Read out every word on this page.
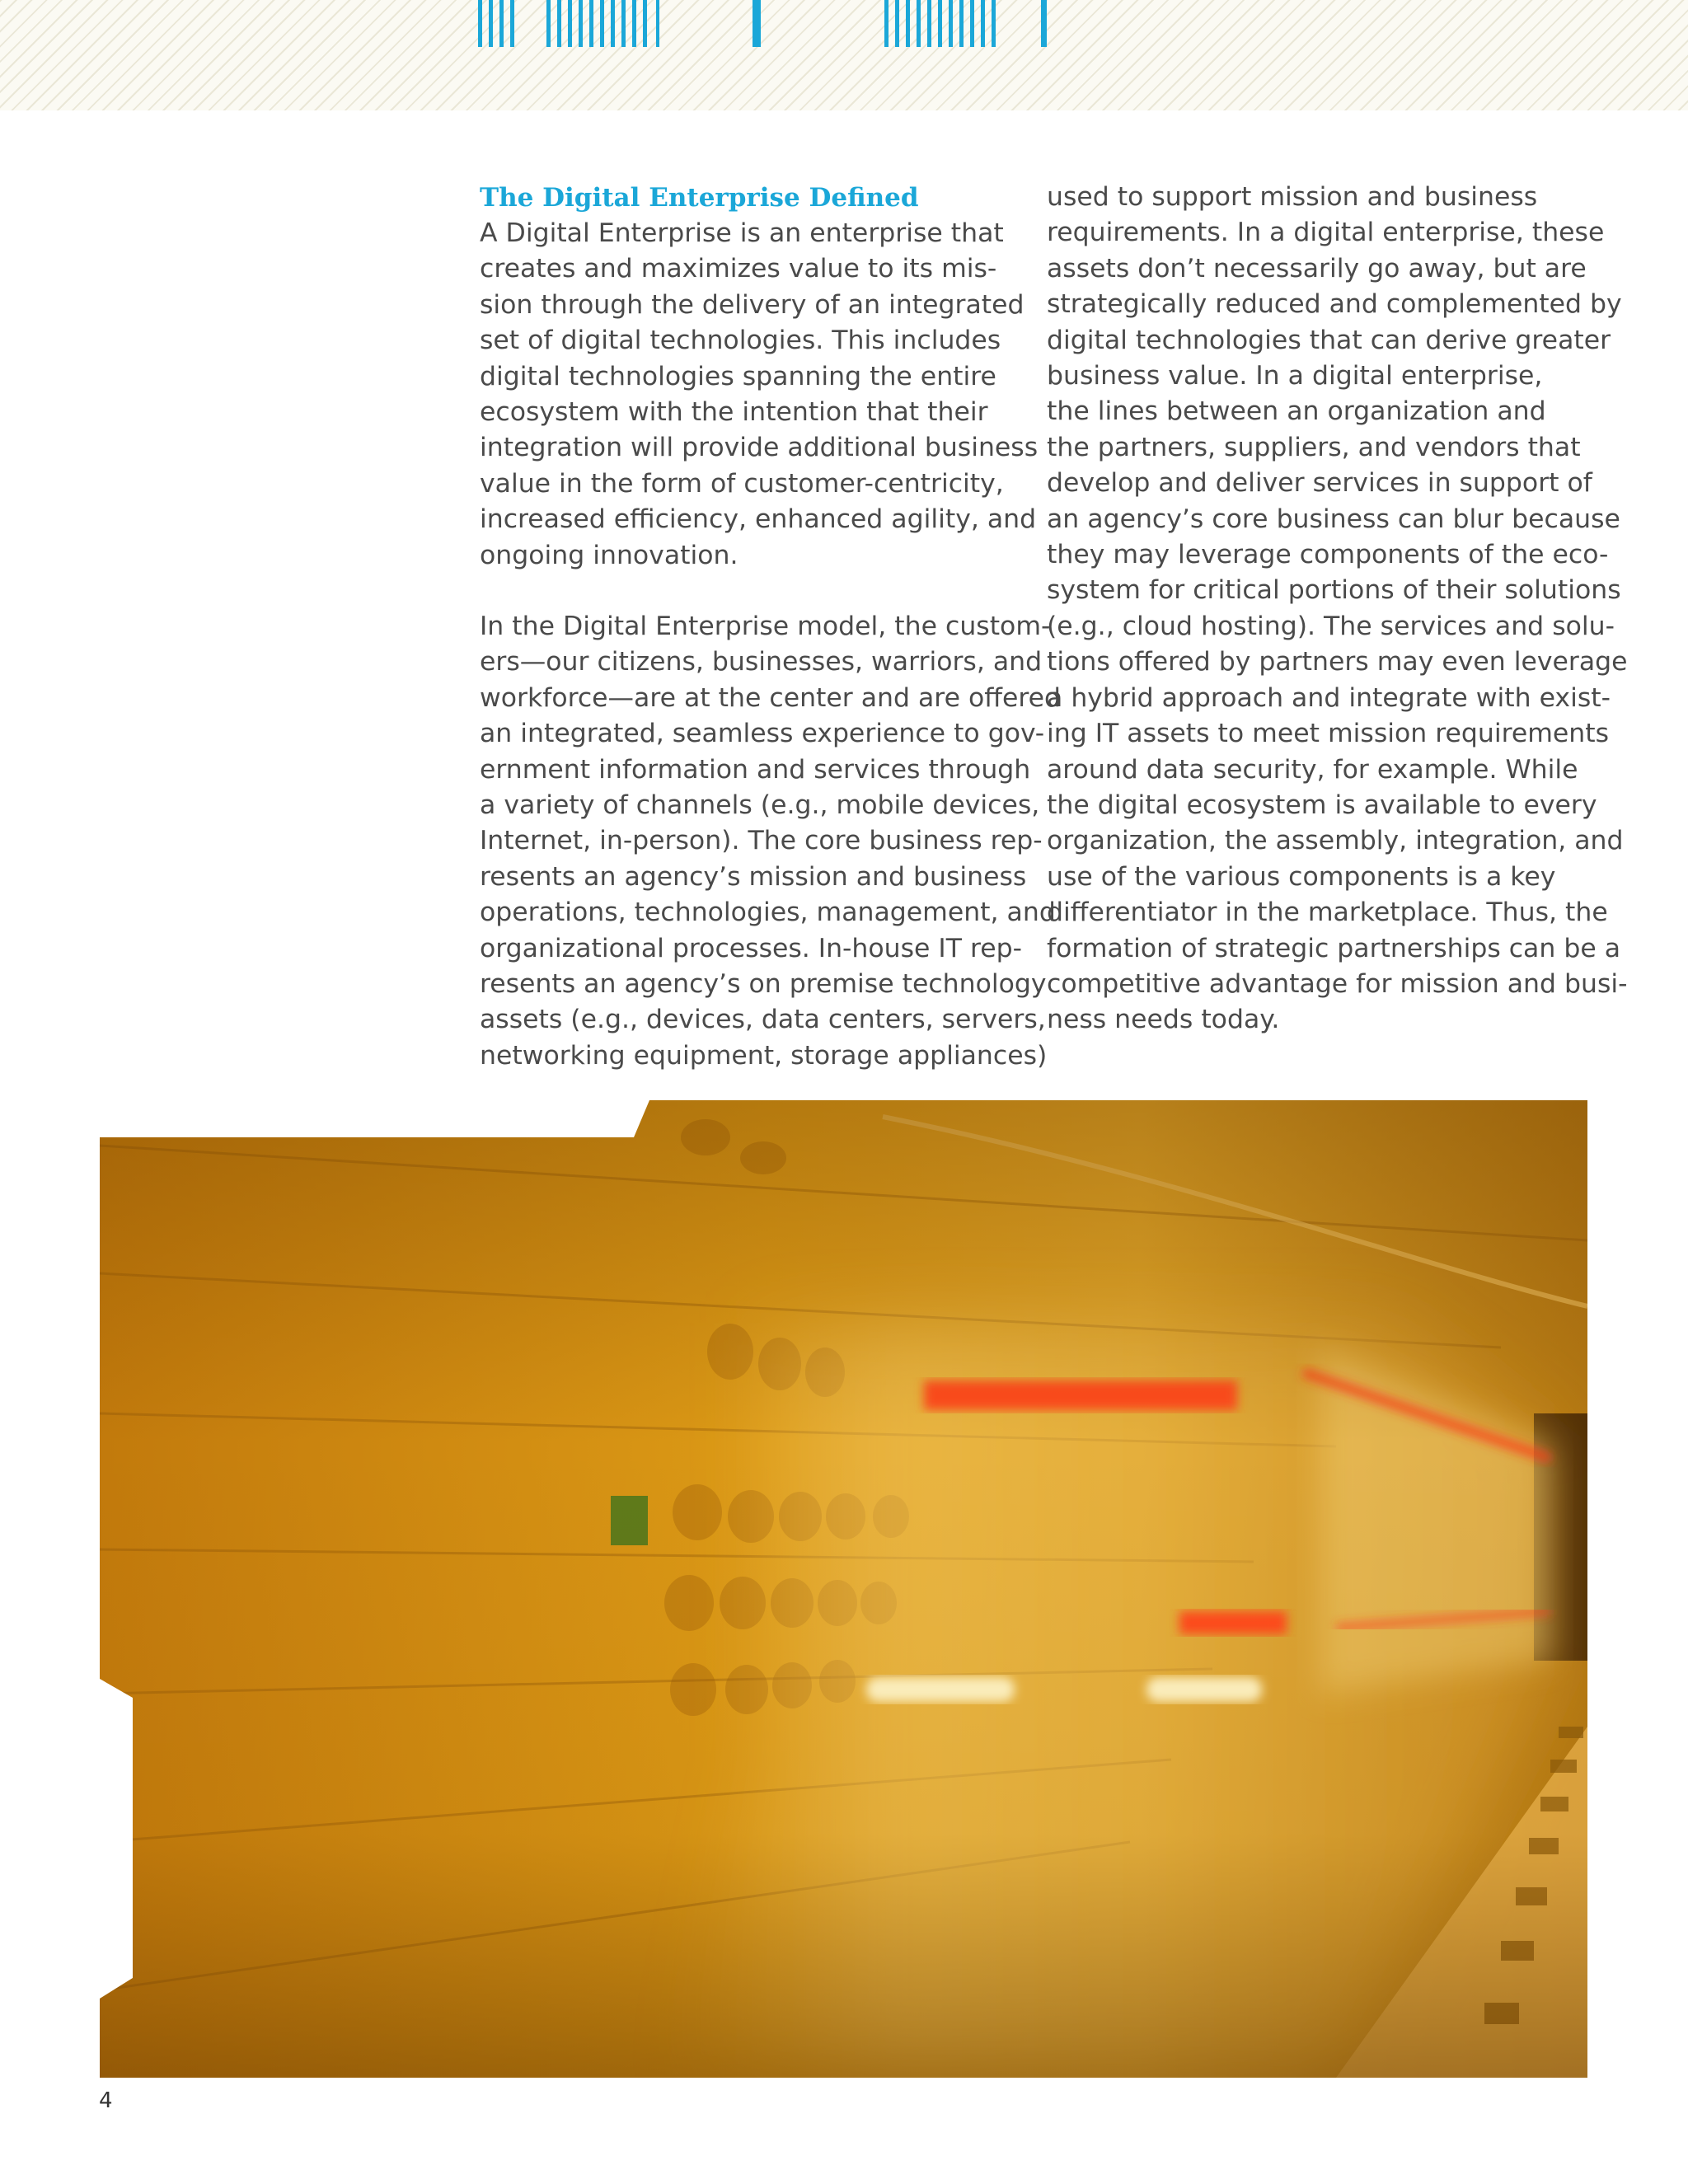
The Digital Enterprise Defined
A Digital Enterprise is an enterprise that
creates and maximizes value to its mis-
sion through the delivery of an integrated
set of digital technologies. This includes
digital technologies spanning the entire
ecosystem with the intention that their
integration will provide additional business
value in the form of customer-centricity,
increased efficiency, enhanced agility, and
ongoing innovation.
In the Digital Enterprise model, the custom-
ers—our citizens, businesses, warriors, and
workforce—are at the center and are offered
an integrated, seamless experience to gov-
ernment information and services through
a variety of channels (e.g., mobile devices,
Internet, in-person). The core business rep-
resents an agency’s mission and business
operations, technologies, management, and
organizational processes. In-house IT rep-
resents an agency’s on premise technology
assets (e.g., devices, data centers, servers,
networking equipment, storage appliances)
used to support mission and business
requirements. In a digital enterprise, these
assets don’t necessarily go away, but are
strategically reduced and complemented by
digital technologies that can derive greater
business value. In a digital enterprise,
the lines between an organization and
the partners, suppliers, and vendors that
develop and deliver services in support of
an agency’s core business can blur because
they may leverage components of the eco-
system for critical portions of their solutions
(e.g., cloud hosting). The services and solu-
tions offered by partners may even leverage
a hybrid approach and integrate with exist-
ing IT assets to meet mission requirements
around data security, for example. While
the digital ecosystem is available to every
organization, the assembly, integration, and
use of the various components is a key
differentiator in the marketplace. Thus, the
formation of strategic partnerships can be a
competitive advantage for mission and busi-
ness needs today.
4
